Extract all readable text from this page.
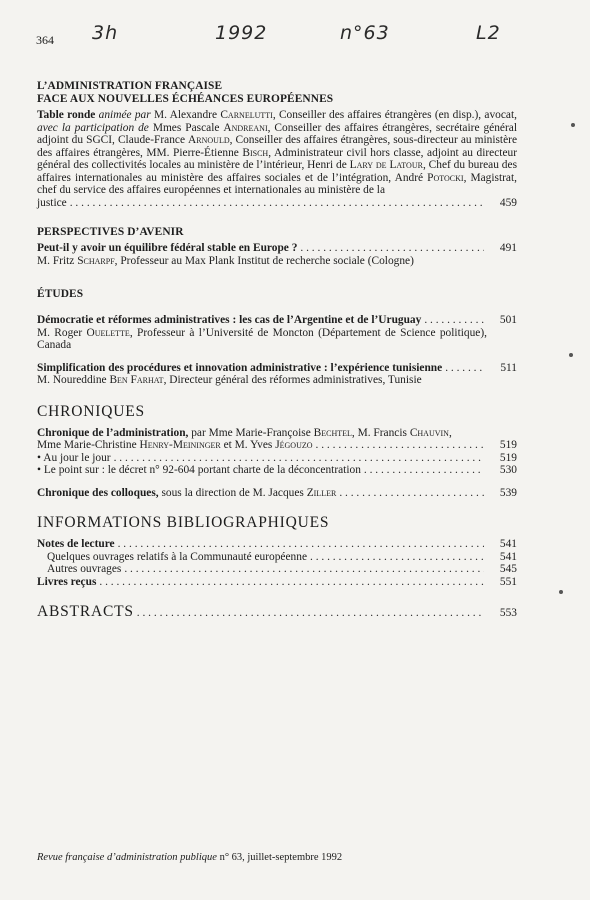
364 3h	1992	n°63	L2
L’ADMINISTRATION FRANÇAISE
FACE AUX NOUVELLES ÉCHÉANCES EUROPÉENNES
Table ronde animée par M. Alexandre Carnelutti, Conseiller des affaires étrangères (en disp.), avocat, avec la participation de Mmes Pascale Andreani, Conseiller des affaires étrangères, secrétaire général adjoint du SGCI, Claude-France Arnould, Conseiller des affaires étrangères, sous-directeur au ministère des affaires étrangères, MM. Pierre-Étienne Bisch, Administrateur civil hors classe, adjoint au directeur général des collectivités locales au ministère de l’intérieur, Henri de Lary de Latour, Chef du bureau des affaires internationales au ministère des affaires sociales et de l’intégration, André Potocki, Magistrat, chef du service des affaires européennes et internationales au ministère de la
justice . . .	459
PERSPECTIVES D’AVENIR
Peut-il y avoir un équilibre fédéral stable en Europe ? . . .	491
M. Fritz Scharpf, Professeur au Max Plank Institut de recherche sociale (Cologne)
ÉTUDES
Démocratie et réformes administratives : les cas de l’Argentine et de l’Uruguay . . .	501
M. Roger Ouelette, Professeur à l’Université de Moncton (Département de Science politique), Canada
Simplification des procédures et innovation administrative : l’expérience tunisienne . . .	511
M. Noureddine Ben Farhat, Directeur général des réformes administratives, Tunisie
CHRONIQUES
Chronique de l’administration, par Mme Marie-Françoise Bechtel, M. Francis Chauvin,
Mme Marie-Christine Henry-Meininger et M. Yves Jégouzo . . .	519
• Au jour le jour . . .	519
• Le point sur : le décret n° 92-604 portant charte de la déconcentration . . .	530
Chronique des colloques, sous la direction de M. Jacques Ziller . . .	539
INFORMATIONS BIBLIOGRAPHIQUES
Notes de lecture . . .	541
Quelques ouvrages relatifs à la Communauté européenne . . .	541
Autres ouvrages . . .	545
Livres reçus . . .	551
ABSTRACTS . . .	553
Revue française d’administration publique n° 63, juillet-septembre 1992
